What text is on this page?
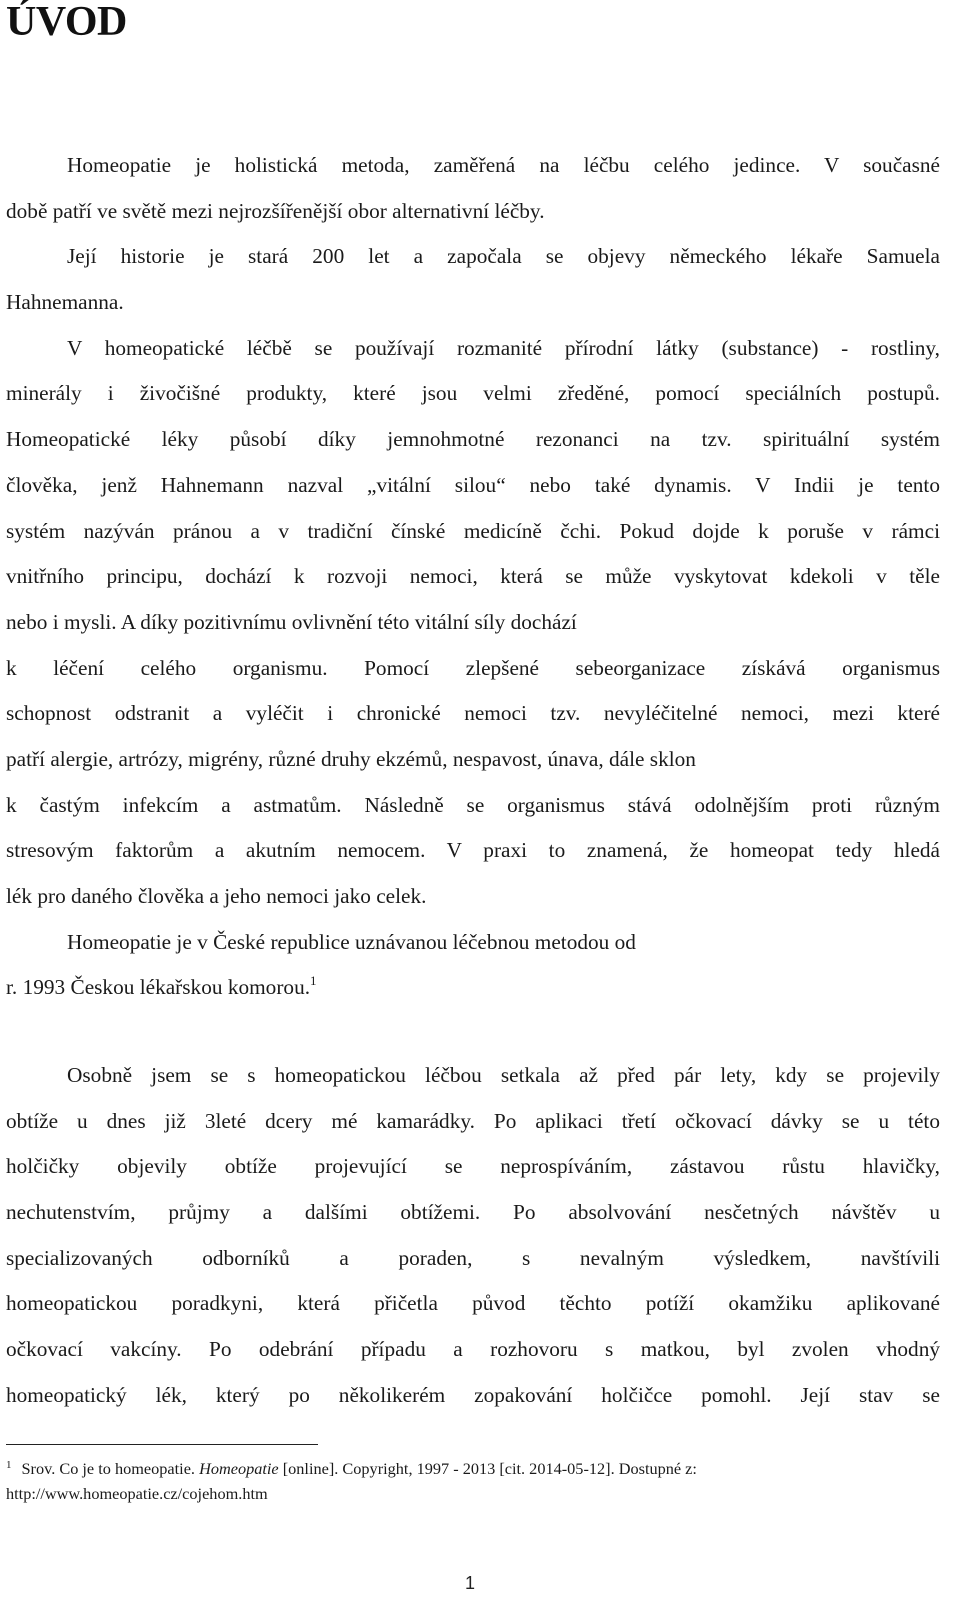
ÚVOD
Homeopatie je holistická metoda, zaměřená na léčbu celého jedince. V současné
době patří ve světě mezi nejrozšířenější obor alternativní léčby.
Její historie je stará 200 let a započala se objevy německého lékaře Samuela
Hahnemanna.
V homeopatické léčbě se používají rozmanité přírodní látky (substance) - rostliny,
minerály i živočišné produkty, které jsou velmi zředěné, pomocí speciálních postupů.
Homeopatické léky působí díky jemnohmotné rezonanci na tzv. spirituální systém
člověka, jenž Hahnemann nazval „vitální silou“ nebo také dynamis. V Indii je tento
systém nazýván pránou a v tradiční čínské medicíně čchi. Pokud dojde k poruše v rámci
vnitřního principu, dochází k rozvoji nemoci, která se může vyskytovat kdekoli v těle
nebo i mysli. A díky pozitivnímu ovlivnění této vitální síly dochází
k léčení celého organismu. Pomocí zlepšené sebeorganizace získává organismus
schopnost odstranit a vyléčit i chronické nemoci tzv. nevyléčitelné nemoci, mezi které
patří alergie, artrózy, migrény, různé druhy ekzémů, nespavost, únava, dále sklon
k častým infekcím a astmatům. Následně se organismus stává odolnějším proti různým
stresovým faktorům a akutním nemocem. V praxi to znamená, že homeopat tedy hledá
lék pro daného člověka a jeho nemoci jako celek.
Homeopatie je v České republice uznávanou léčebnou metodou od
r. 1993 Českou lékařskou komorou.$^1$
Osobně jsem se s homeopatickou léčbou setkala až před pár lety, kdy se projevily
obtíže u dnes již 3leté dcery mé kamarádky. Po aplikaci třetí očkovací dávky se u této
holčičky objevily obtíže projevující se neprospíváním, zástavou růstu hlavičky,
nechutenstvím, průjmy a dalšími obtížemi. Po absolvování nesčetných návštěv u
specializovaných odborníků a poraden, s nevalným výsledkem, navštívili
homeopatickou poradkyni, která přičetla původ těchto potíží okamžiku aplikované
očkovací vakcíny. Po odebrání případu a rozhovoru s matkou, byl zvolen vhodný
homeopatický lék, který po několikerém zopakování holčičce pomohl. Její stav se
$^1$ Srov. Co je to homeopatie. Homeopatie [online]. Copyright, 1997 - 2013 [cit. 2014-05-12]. Dostupné z:
http://www.homeopatie.cz/cojehom.htm
1
